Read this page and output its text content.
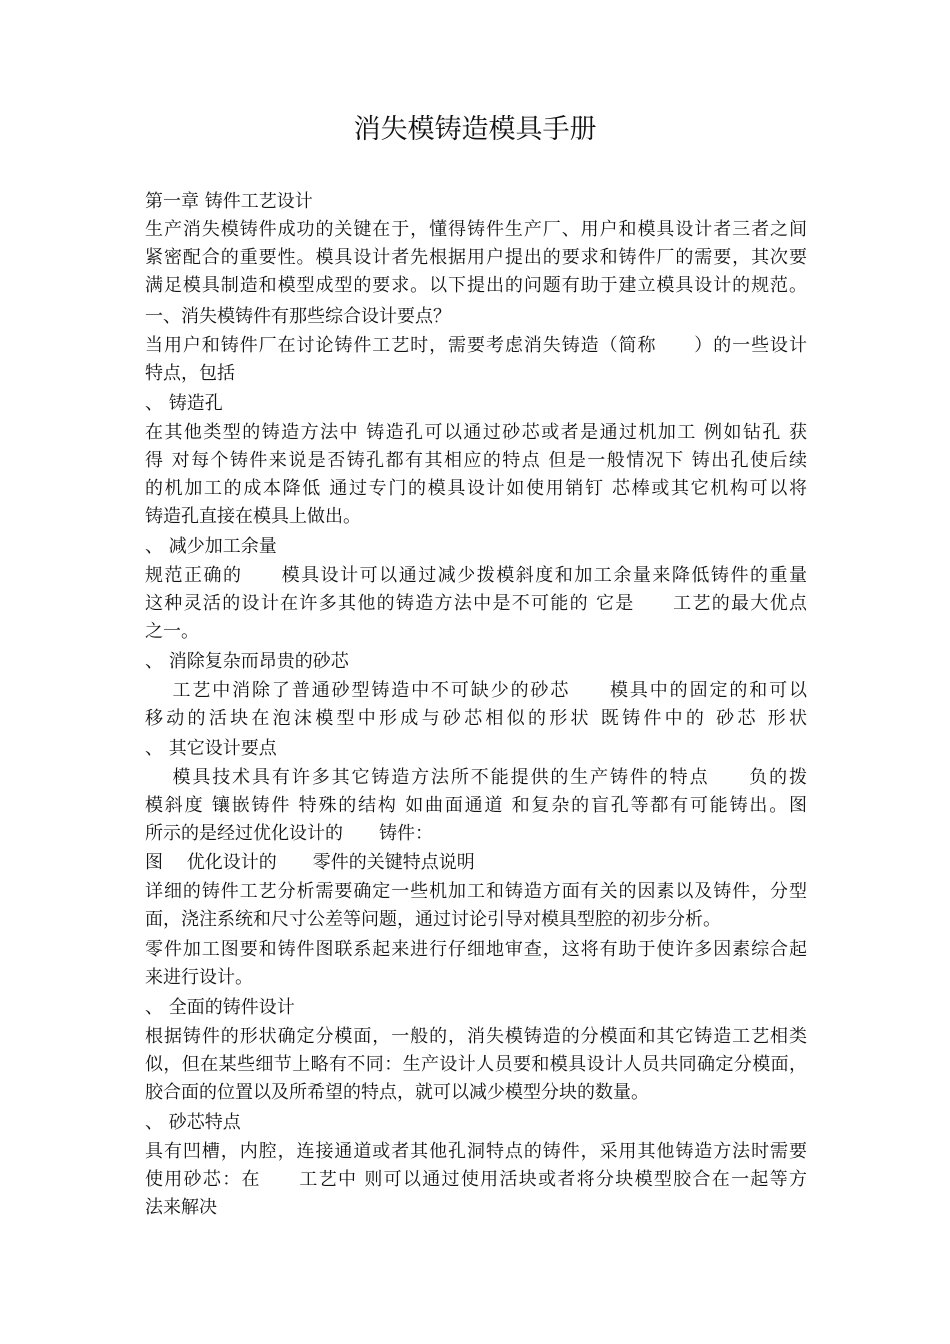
消失模铸造模具手册
第一章 铸件工艺设计
生产消失模铸件成功的关键在于，懂得铸件生产厂、用户和模具设计者三者之间
紧密配合的重要性。模具设计者先根据用户提出的要求和铸件厂的需要，其次要
满足模具制造和模型成型的要求。以下提出的问题有助于建立模具设计的规范。
一、消失模铸件有那些综合设计要点？
当用户和铸件厂在讨论铸件工艺时，需要考虑消失铸造（简称　　）的一些设计
特点，包括
、 铸造孔
在其他类型的铸造方法中 铸造孔可以通过砂芯或者是通过机加工 例如钻孔 获
得 对每个铸件来说是否铸孔都有其相应的特点 但是一般情况下 铸出孔使后续
的机加工的成本降低 通过专门的模具设计如使用销钉 芯棒或其它机构可以将
铸造孔直接在模具上做出。
、 减少加工余量
规范正确的　　模具设计可以通过减少拨模斜度和加工余量来降低铸件的重量
这种灵活的设计在许多其他的铸造方法中是不可能的 它是　　工艺的最大优点
之一。
、 消除复杂而昂贵的砂芯
　 工艺中消除了普通砂型铸造中不可缺少的砂芯　　模具中的固定的和可以
移动的活块在泡沫模型中形成与砂芯相似的形状 既铸件中的 砂芯 形状
、 其它设计要点
　 模具技术具有许多其它铸造方法所不能提供的生产铸件的特点　　负的拨
模斜度 镶嵌铸件 特殊的结构 如曲面通道 和复杂的盲孔等都有可能铸出。图
所示的是经过优化设计的　　铸件：
图　 优化设计的　　零件的关键特点说明
详细的铸件工艺分析需要确定一些机加工和铸造方面有关的因素以及铸件，分型
面，浇注系统和尺寸公差等问题，通过讨论引导对模具型腔的初步分析。
零件加工图要和铸件图联系起来进行仔细地审查，这将有助于使许多因素综合起
来进行设计。
、 全面的铸件设计
根据铸件的形状确定分模面，一般的，消失模铸造的分模面和其它铸造工艺相类
似，但在某些细节上略有不同：生产设计人员要和模具设计人员共同确定分模面，
胶合面的位置以及所希望的特点，就可以减少模型分块的数量。
、 砂芯特点
具有凹槽，内腔，连接通道或者其他孔洞特点的铸件，采用其他铸造方法时需要
使用砂芯：在　　工艺中 则可以通过使用活块或者将分块模型胶合在一起等方
法来解决
